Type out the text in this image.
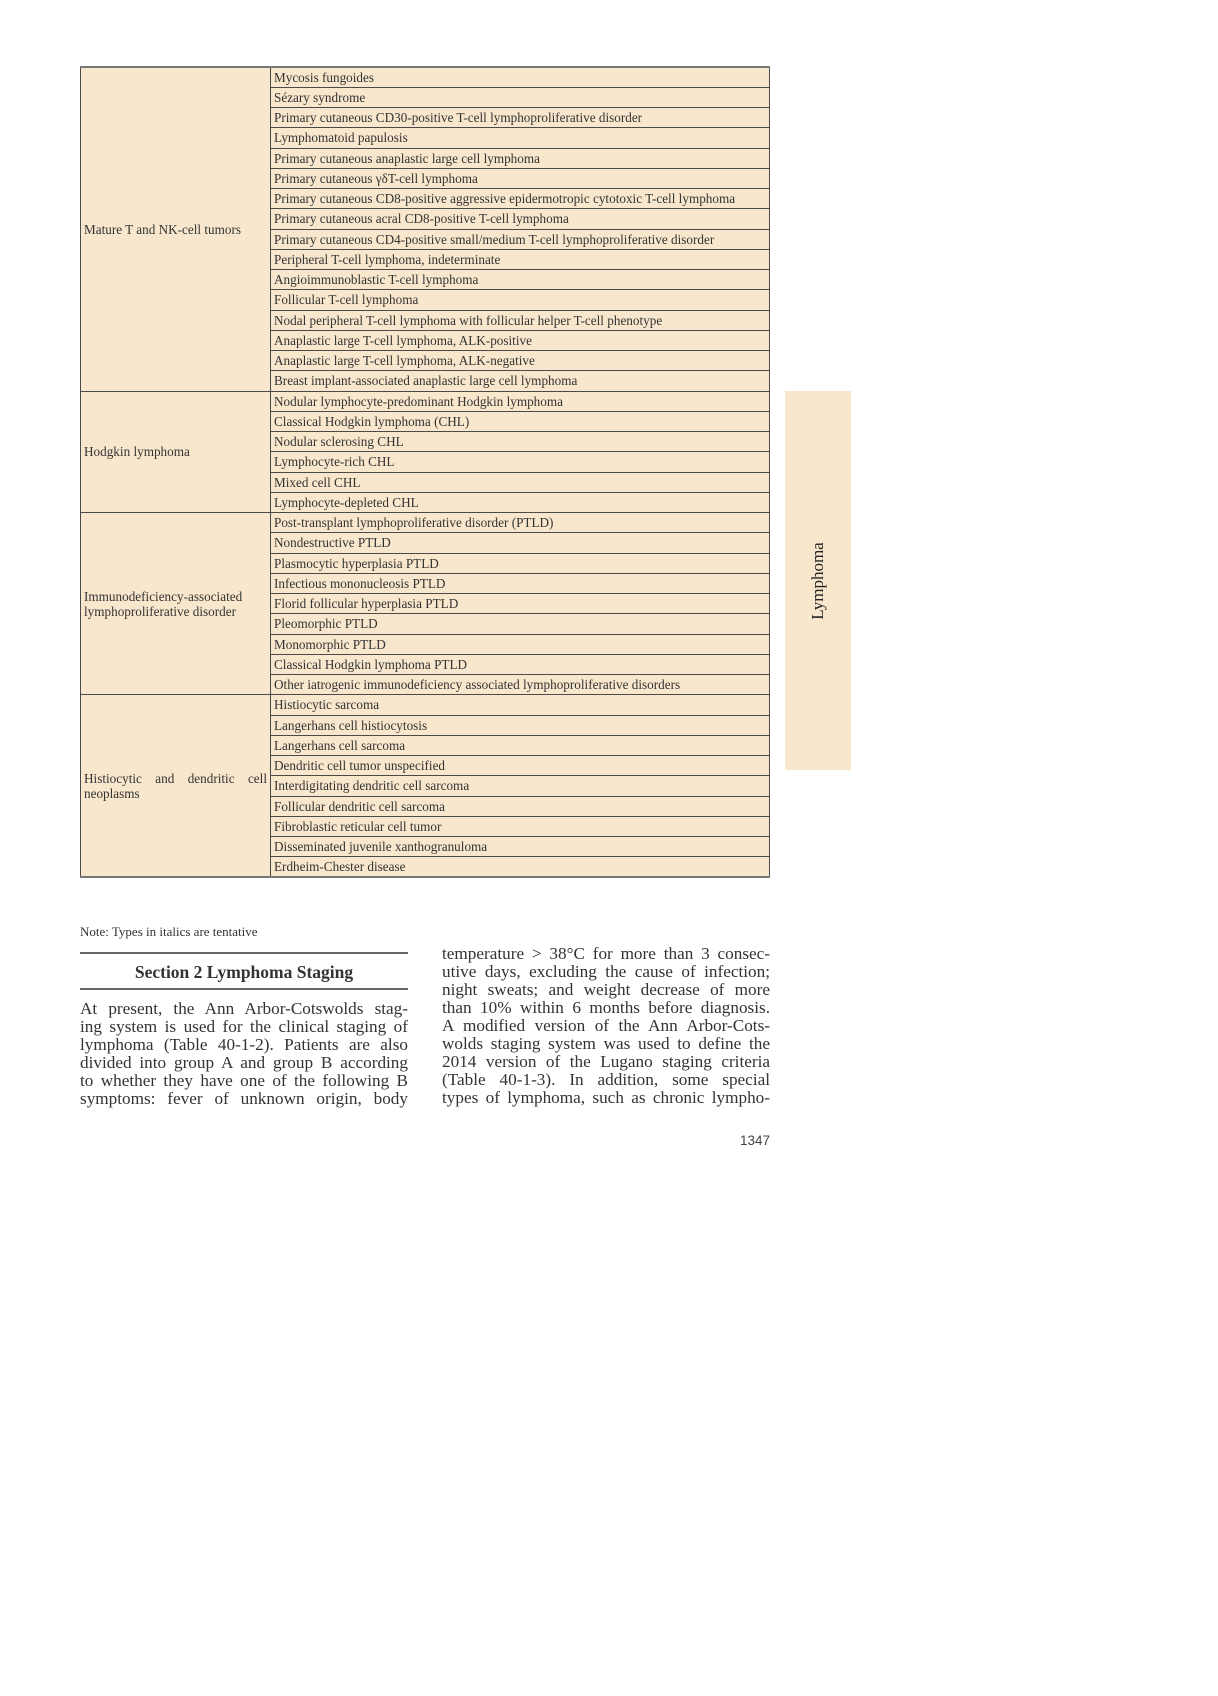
Mature T and NK-cell tumors	Mycosis fungoides
	Sézary syndrome
	Primary cutaneous CD30-positive T-cell lymphoproliferative disorder
	Lymphomatoid papulosis
	Primary cutaneous anaplastic large cell lymphoma
	Primary cutaneous γδT-cell lymphoma
	Primary cutaneous CD8-positive aggressive epidermotropic cytotoxic T-cell lymphoma
	Primary cutaneous acral CD8-positive T-cell lymphoma
	Primary cutaneous CD4-positive small/medium T-cell lymphoproliferative disorder
	Peripheral T-cell lymphoma, indeterminate
	Angioimmunoblastic T-cell lymphoma
	Follicular T-cell lymphoma
	Nodal peripheral T-cell lymphoma with follicular helper T-cell phenotype
	Anaplastic large T-cell lymphoma, ALK-positive
	Anaplastic large T-cell lymphoma, ALK-negative
	Breast implant-associated anaplastic large cell lymphoma
Hodgkin lymphoma	Nodular lymphocyte-predominant Hodgkin lymphoma
	Classical Hodgkin lymphoma (CHL)
	Nodular sclerosing CHL
	Lymphocyte-rich CHL
	Mixed cell CHL
	Lymphocyte-depleted CHL
Immunodeficiency-associated lymphoproliferative disorder	Post-transplant lymphoproliferative disorder (PTLD)
	Nondestructive PTLD
	Plasmocytic hyperplasia PTLD
	Infectious mononucleosis PTLD
	Florid follicular hyperplasia PTLD
	Pleomorphic PTLD
	Monomorphic PTLD
	Classical Hodgkin lymphoma PTLD
	Other iatrogenic immunodeficiency associated lymphoproliferative disorders
Histiocytic and dendritic cell neoplasms	Histiocytic sarcoma
	Langerhans cell histiocytosis
	Langerhans cell sarcoma
	Dendritic cell tumor unspecified
	Interdigitating dendritic cell sarcoma
	Follicular dendritic cell sarcoma
	Fibroblastic reticular cell tumor
	Disseminated juvenile xanthogranuloma
	Erdheim-Chester disease
Note: Types in italics are tentative
Section 2 Lymphoma Staging
At present, the Ann Arbor-Cotswolds stag-
ing system is used for the clinical staging of
lymphoma (Table 40-1-2). Patients are also
divided into group A and group B according
to whether they have one of the following B
symptoms: fever of unknown origin, body
temperature > 38°C for more than 3 consec-
utive days, excluding the cause of infection;
night sweats; and weight decrease of more
than 10% within 6 months before diagnosis.
A modified version of the Ann Arbor-Cots-
wolds staging system was used to define the
2014 version of the Lugano staging criteria
(Table 40-1-3). In addition, some special
types of lymphoma, such as chronic lympho-
1347
Lymphoma
